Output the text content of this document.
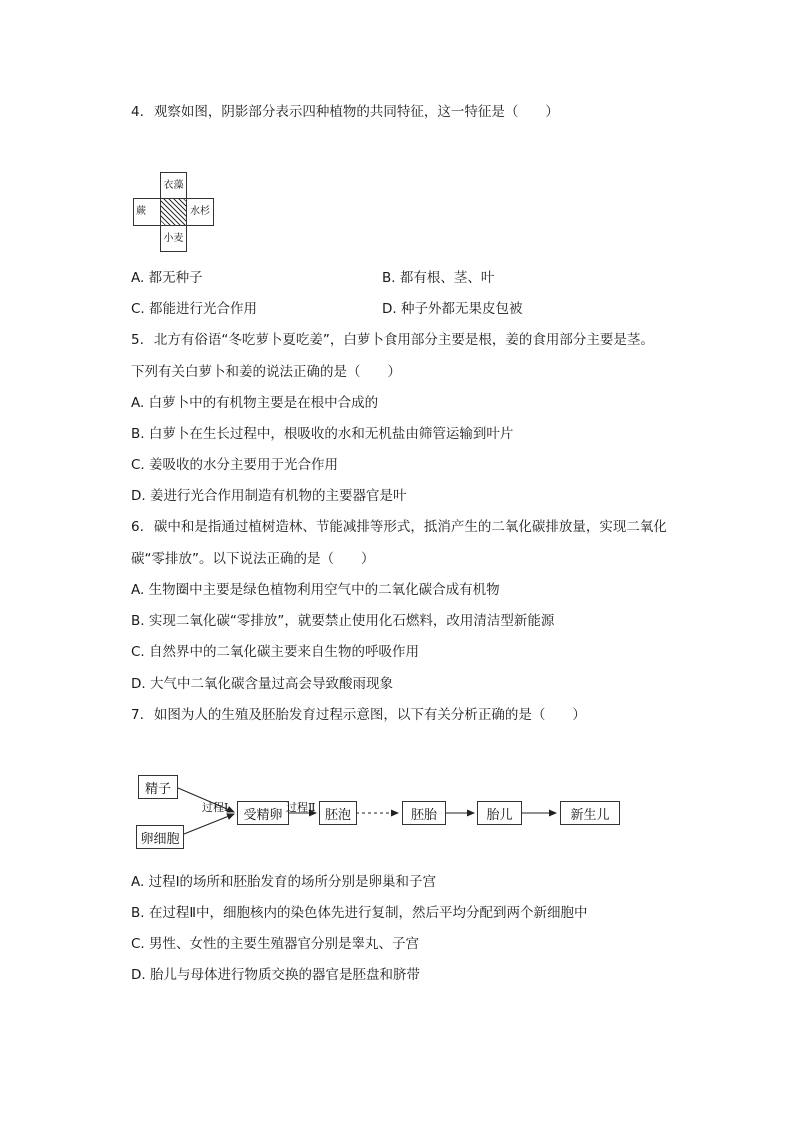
4. 观察如图，阴影部分表示四种植物的共同特征，这一特征是（　　）
衣藻
蕨	水杉
小麦
A. 都无种子	B. 都有根、茎、叶
C. 都能进行光合作用	D. 种子外都无果皮包被
5. 北方有俗语“冬吃萝卜夏吃姜”，白萝卜食用部分主要是根，姜的食用部分主要是茎。
下列有关白萝卜和姜的说法正确的是（　　）
A. 白萝卜中的有机物主要是在根中合成的
B. 白萝卜在生长过程中，根吸收的水和无机盐由筛管运输到叶片
C. 姜吸收的水分主要用于光合作用
D. 姜进行光合作用制造有机物的主要器官是叶
6. 碳中和是指通过植树造林、节能减排等形式，抵消产生的二氧化碳排放量，实现二氧化
碳“零排放”。以下说法正确的是（　　）
A. 生物圈中主要是绿色植物利用空气中的二氧化碳合成有机物
B. 实现二氧化碳“零排放”，就要禁止使用化石燃料，改用清洁型新能源
C. 自然界中的二氧化碳主要来自生物的呼吸作用
D. 大气中二氧化碳含量过高会导致酸雨现象
7. 如图为人的生殖及胚胎发育过程示意图，以下有关分析正确的是（　　）
精子
卵细胞
过程Ⅰ	受精卵 过程Ⅱ 胚泡	胚胎	胎儿	新生儿
A. 过程Ⅰ的场所和胚胎发育的场所分别是卵巢和子宫
B. 在过程Ⅱ中，细胞核内的染色体先进行复制，然后平均分配到两个新细胞中
C. 男性、女性的主要生殖器官分别是睾丸、子宫
D. 胎儿与母体进行物质交换的器官是胚盘和脐带
